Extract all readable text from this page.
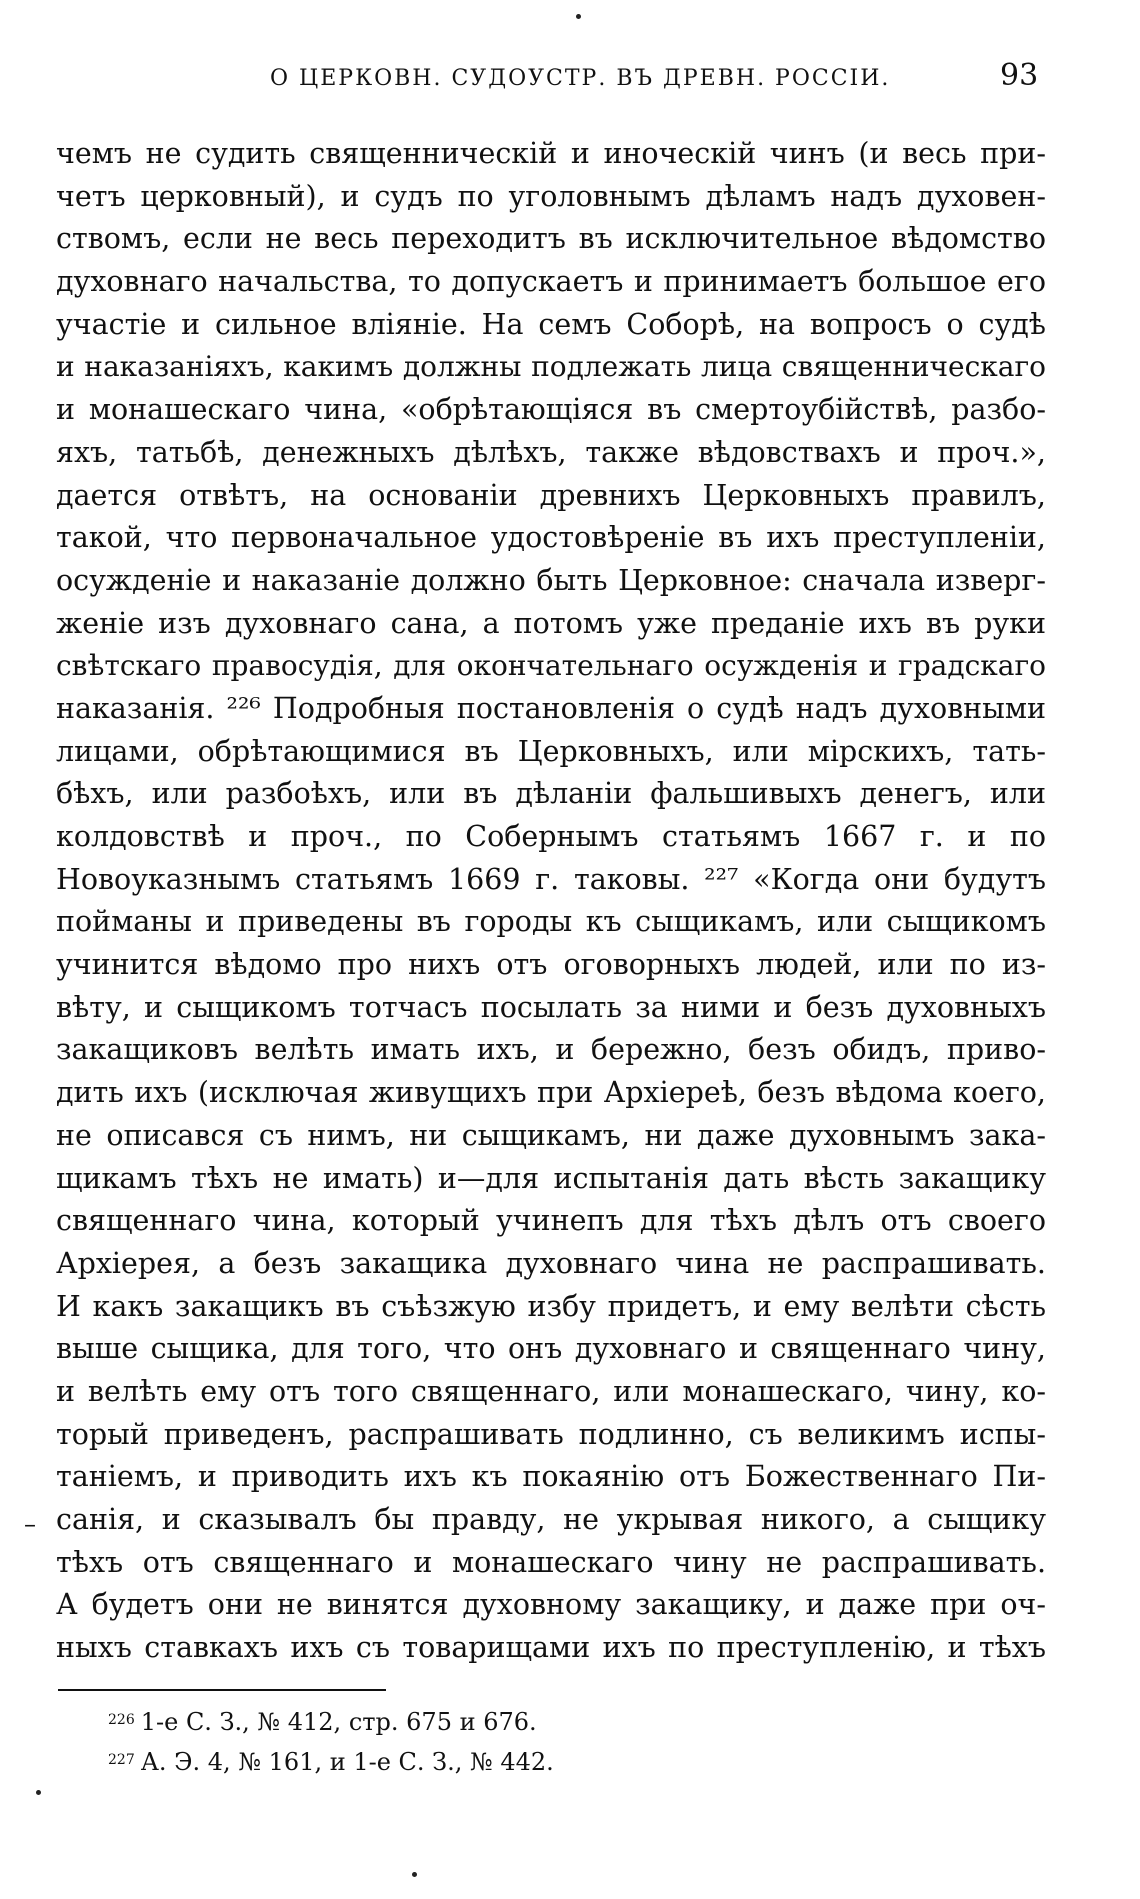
О ЦЕРКОВН. СУДОУСТР. ВЪ ДРЕВН. РОССІИ.	93
чемъ не судить священническій и иноческій чинъ (и весь при-
четъ церковный), и судъ по уголовнымъ дѣламъ надъ духовен-
ствомъ, если не весь переходитъ въ исключительное вѣдомство
духовнаго начальства, то допускаетъ и принимаетъ большое его
участіе и сильное вліяніе. На семъ Соборѣ, на вопросъ о судѣ
и наказаніяхъ, какимъ должны подлежать лица священническаго
и монашескаго чина, «обрѣтающіяся въ смертоубійствѣ, разбо-
яхъ, татьбѣ, денежныхъ дѣлѣхъ, также вѣдовствахъ и проч.»,
дается отвѣтъ, на основаніи древнихъ Церковныхъ правилъ,
такой, что первоначальное удостовѣреніе въ ихъ преступленіи,
осужденіе и наказаніе должно быть Церковное: сначала изверг-
женіе изъ духовнаго сана, а потомъ уже преданіе ихъ въ руки
свѣтскаго правосудія, для окончательнаго осужденія и градскаго
наказанія. ²²⁶ Подробныя постановленія о судѣ надъ духовными
лицами, обрѣтающимися въ Церковныхъ, или мірскихъ, тать-
бѣхъ, или разбоѣхъ, или въ дѣланіи фальшивыхъ денегъ, или
колдовствѣ и проч., по Собернымъ статьямъ 1667 г. и по
Новоуказнымъ статьямъ 1669 г. таковы. ²²⁷ «Когда они будутъ
пойманы и приведены въ городы къ сыщикамъ, или сыщикомъ
учинится вѣдомо про нихъ отъ оговорныхъ людей, или по из-
вѣту, и сыщикомъ тотчасъ посылать за ними и безъ духовныхъ
закащиковъ велѣть имать ихъ, и бережно, безъ обидъ, приво-
дить ихъ (исключая живущихъ при Архіереѣ, безъ вѣдома коего,
не описався съ нимъ, ни сыщикамъ, ни даже духовнымъ зака-
щикамъ тѣхъ не имать) и—для испытанія дать вѣсть закащику
священнаго чина, который учинепъ для тѣхъ дѣлъ отъ своего
Архіерея, а безъ закащика духовнаго чина не распрашивать.
И какъ закащикъ въ съѣзжую избу придетъ, и ему велѣти сѣсть
выше сыщика, для того, что онъ духовнаго и священнаго чину,
и велѣть ему отъ того священнаго, или монашескаго, чину, ко-
торый приведенъ, распрашивать подлинно, съ великимъ испы-
таніемъ, и приводить ихъ къ покаянію отъ Божественнаго Пи-
санія, и сказывалъ бы правду, не укрывая никого, а сыщику
тѣхъ отъ священнаго и монашескаго чину не распрашивать.
А будетъ они не винятся духовному закащику, и даже при оч-
ныхъ ставкахъ ихъ съ товарищами ихъ по преступленію, и тѣхъ
–
$^{226}$ 1-е С. З., № 412, стр. 675 и 676.
$^{227}$ А. Э. 4, № 161, и 1-е С. З., № 442.
